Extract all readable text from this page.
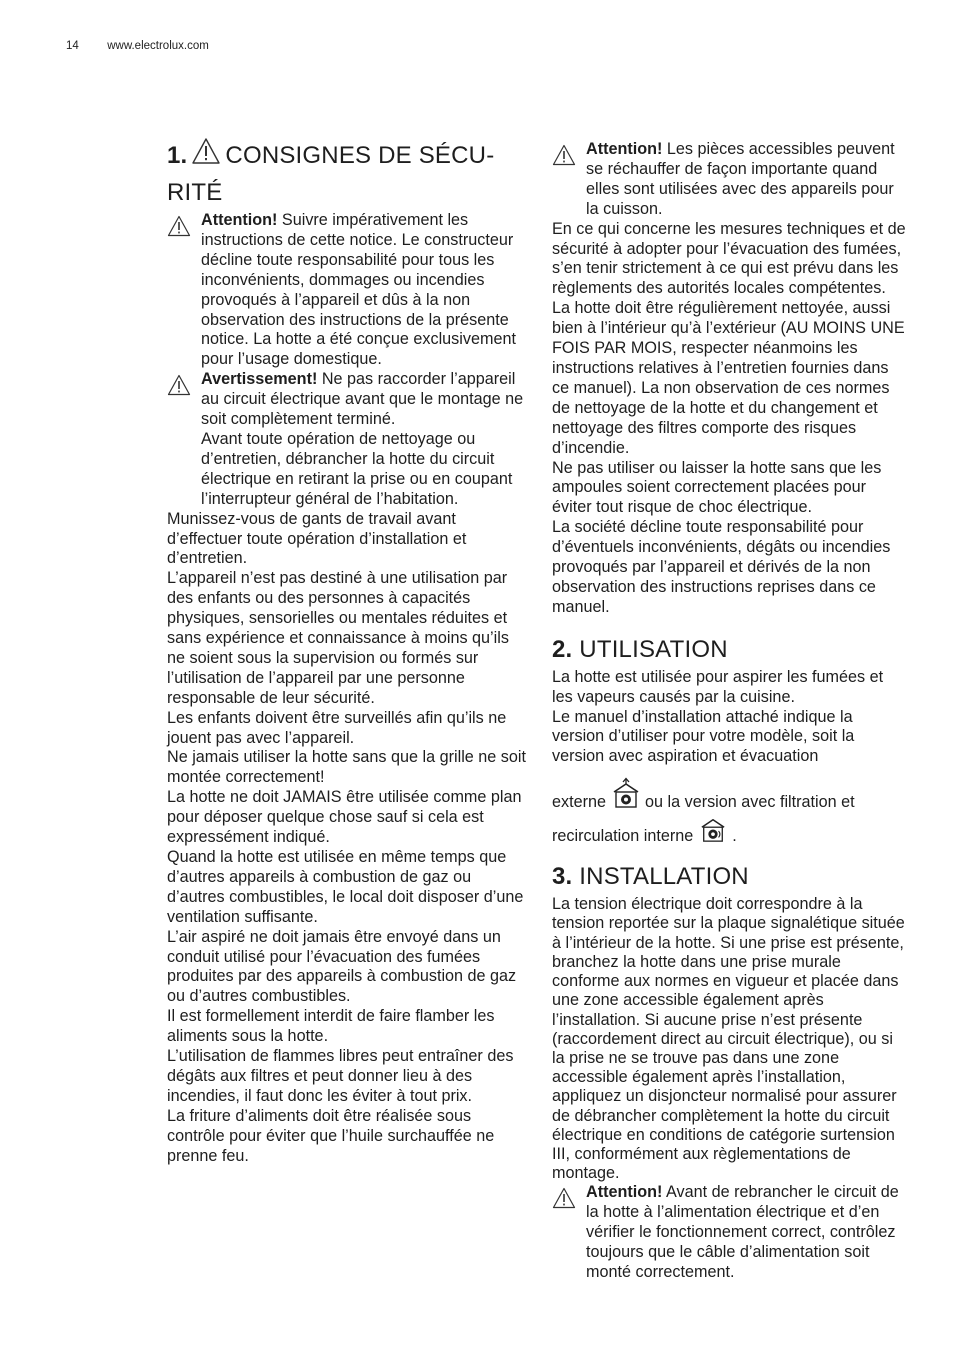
14 www.electrolux.com
1. CONSIGNES DE SÉCU-
RITÉ
Attention! Suivre impérativement les instructions de cette notice. Le constructeur décline toute responsabilité pour tous les inconvénients, dommages ou incendies provoqués à l’appareil et dûs à la non observation des instructions de la présente notice. La hotte a été conçue exclusivement pour l’usage domestique.
Avertissement! Ne pas raccorder l’appareil au circuit électrique avant que le montage ne soit complètement terminé.

Avant toute opération de nettoyage ou d’entretien, débrancher la hotte du circuit électrique en retirant la prise ou en coupant l’interrupteur général de l’habitation.

Munissez-vous de gants de travail avant d’effectuer toute opération d’installation et d’entretien.

L’appareil n’est pas destiné à une utilisation par des enfants ou des personnes à capacités physiques, sensorielles ou mentales réduites et sans expérience et connaissance à moins qu’ils ne soient sous la supervision ou formés sur l’utilisation de l’appareil par une personne responsable de leur sécurité.

Les enfants doivent être surveillés afin qu’ils ne jouent pas avec l’appareil.

Ne jamais utiliser la hotte sans que la grille ne soit montée correctement!

La hotte ne doit JAMAIS être utilisée comme plan pour déposer quelque chose sauf si cela est expressément indiqué.

Quand la hotte est utilisée en même temps que d’autres appareils à combustion de gaz ou d’autres combustibles, le local doit disposer d’une ventilation suffisante.

L’air aspiré ne doit jamais être envoyé dans un conduit utilisé pour l’évacuation des fumées produites par des appareils à combustion de gaz ou d’autres combustibles.

Il est formellement interdit de faire flamber les aliments sous la hotte.

L’utilisation de flammes libres peut entraîner des dégâts aux filtres et peut donner lieu à des incendies, il faut donc les éviter à tout prix.

La friture d’aliments doit être réalisée sous contrôle pour éviter que l’huile surchauffée ne prenne feu.

Attention! Les pièces accessibles peuvent se réchauffer de façon importante quand elles sont utilisées avec des appareils pour la cuisson.

En ce qui concerne les mesures techniques et de sécurité à adopter pour l’évacuation des fumées, s’en tenir strictement à ce qui est prévu dans les règlements des autorités locales compétentes. La hotte doit être régulièrement nettoyée, aussi bien à l’intérieur qu’à l’extérieur (AU MOINS UNE FOIS PAR MOIS, respecter néanmoins les instructions relatives à l’entretien fournies dans ce manuel). La non observation de ces normes de nettoyage de la hotte et du changement et nettoyage des filtres comporte des risques d’incendie.

Ne pas utiliser ou laisser la hotte sans que les ampoules soient correctement placées pour éviter tout risque de choc électrique.

La société décline toute responsabilité pour d’éventuels inconvénients, dégâts ou incendies provoqués par l’appareil et dérivés de la non observation des instructions reprises dans ce manuel.

2. UTILISATION

La hotte est utilisée pour aspirer les fumées et les vapeurs causés par la cuisine.

Le manuel d’installation attaché indique la version d’utiliser pour votre modèle, soit la version avec aspiration et évacuation

externe  ou la version avec filtration et

recirculation interne  .

3. INSTALLATION

La tension électrique doit correspondre à la tension reportée sur la plaque signalétique située à l’intérieur de la hotte. Si une prise est présente, branchez la hotte dans une prise murale conforme aux normes en vigueur et placée dans une zone accessible également après l’installation. Si aucune prise n’est présente (raccordement direct au circuit électrique), ou si la prise ne se trouve pas dans une zone accessible également après l’installation, appliquez un disjoncteur normalisé pour assurer de débrancher complètement la hotte du circuit électrique en conditions de catégorie surtension III, conformément aux règlementations de montage.

Attention! Avant de rebrancher le circuit de la hotte à l’alimentation électrique et d’en vérifier le fonctionnement correct, contrôlez toujours que le câble d’alimentation soit monté correctement.
